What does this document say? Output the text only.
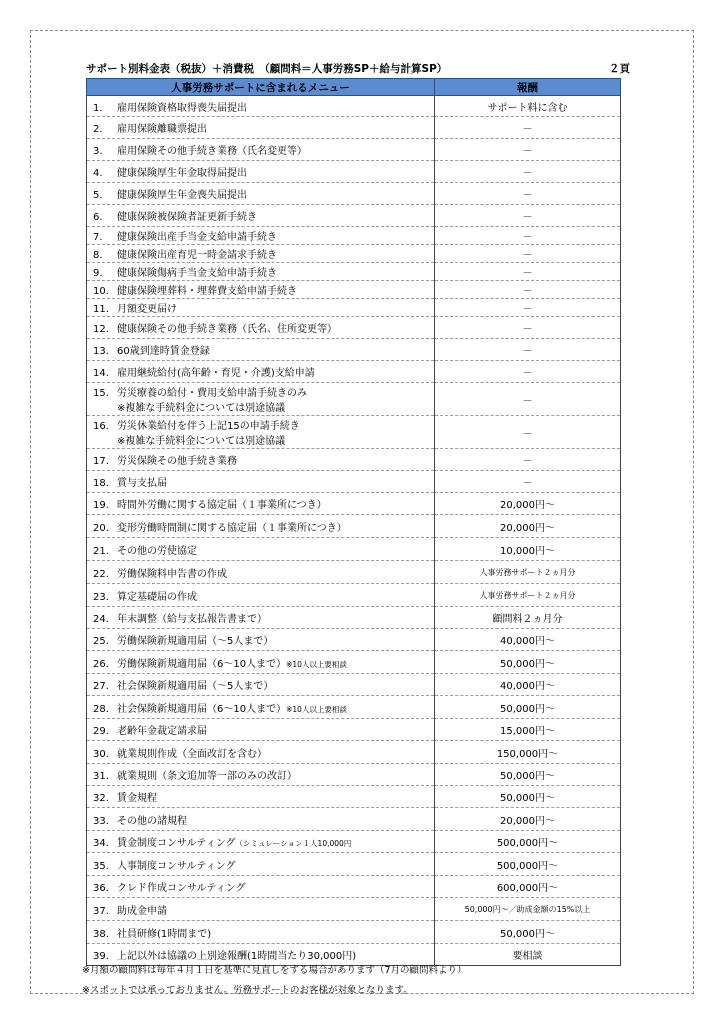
サポート別料金表（税抜）＋消費税　（顧問料＝人事労務SP＋給与計算SP）	２頁
人事労務サポートに含まれるメニュー	報酬
1. 雇用保険資格取得喪失届提出	サポート料に含む
2. 雇用保険離職票提出	－
3. 雇用保険その他手続き業務（氏名変更等）	－
4. 健康保険厚生年金取得届提出	－
5. 健康保険厚生年金喪失届提出	－
6. 健康保険被保険者証更新手続き	－
7. 健康保険出産手当金支給申請手続き	－
8. 健康保険出産育児一時金請求手続き	－
9. 健康保険傷病手当金支給申請手続き	－
10. 健康保険埋葬料・埋葬費支給申請手続き	－
11. 月額変更届け	－
12. 健康保険その他手続き業務（氏名、住所変更等）	－
13. 60歳到達時賃金登録	－
14. 雇用継続給付(高年齢・育児・介護)支給申請	－
15. 労災療養の給付・費用支給申請手続きのみ
※複雑な手続料金については別途協議	－
16. 労災休業給付を伴う上記15の申請手続き
※複雑な手続料金については別途協議	－
17. 労災保険その他手続き業務	－
18. 賞与支払届	－
19. 時間外労働に関する協定届（１事業所につき）	20,000円～
20. 変形労働時間制に関する協定届（１事業所につき）	20,000円～
21. その他の労使協定	10,000円～
22. 労働保険料申告書の作成	人事労務サポート２ヵ月分
23. 算定基礎届の作成	人事労務サポート２ヵ月分
24. 年末調整（給与支払報告書まで）	顧問料２ヵ月分
25. 労働保険新規適用届（～5人まで）	40,000円～
26. 労働保険新規適用届（6～10人まで）※10人以上要相談	50,000円～
27. 社会保険新規適用届（～5人まで）	40,000円～
28. 社会保険新規適用届（6～10人まで）※10人以上要相談	50,000円～
29. 老齢年金裁定請求届	15,000円～
30. 就業規則作成（全面改訂を含む）	150,000円～
31. 就業規則（条文追加等一部のみの改訂）	50,000円～
32. 賃金規程	50,000円～
33. その他の諸規程	20,000円～
34. 賃金制度コンサルティング（シミュレーション１人10,000円	500,000円～
35. 人事制度コンサルティング	500,000円～
36. クレド作成コンサルティング	600,000円～
37. 助成金申請	50,000円～／助成金額の15%以上
38. 社員研修(1時間まで)	50,000円～
39. 上記以外は協議の上別途報酬(1時間当たり30,000円)	要相談
※月額の顧問料は毎年４月１日を基準に見直しをする場合があります（7月の顧問料より）
※スポットでは承っておりません。労務サポートのお客様が対象となります。
